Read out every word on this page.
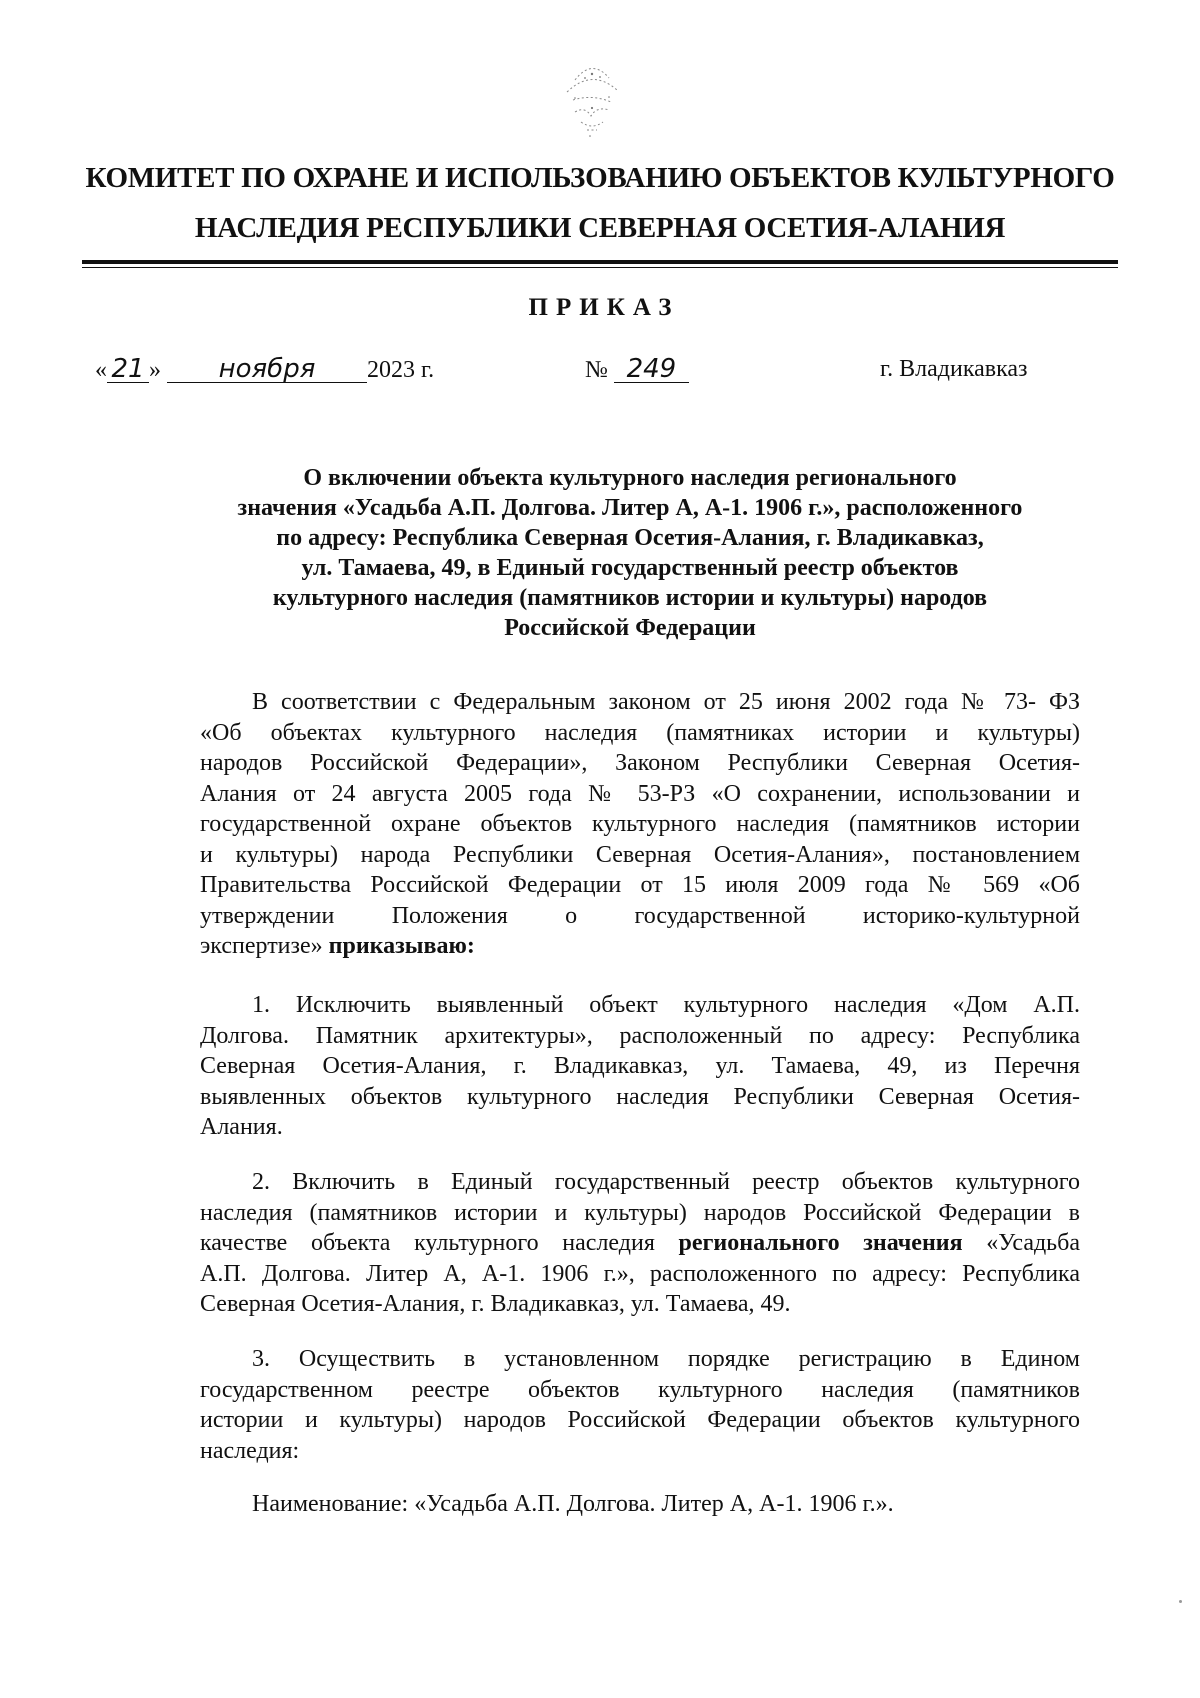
КОМИТЕТ ПО ОХРАНЕ И ИСПОЛЬЗОВАНИЮ ОБЪЕКТОВ КУЛЬТУРНОГО
НАСЛЕДИЯ РЕСПУБЛИКИ СЕВЕРНАЯ ОСЕТИЯ-АЛАНИЯ
ПРИКАЗ
« 21 » ноября 2023 г.	№ 249	г. Владикавказ
О включении объекта культурного наследия регионального
значения «Усадьба А.П. Долгова. Литер А, А-1. 1906 г.», расположенного
по адресу: Республика Северная Осетия-Алания, г. Владикавказ,
ул. Тамаева, 49, в Единый государственный реестр объектов
культурного наследия (памятников истории и культуры) народов
Российской Федерации
В соответствии с Федеральным законом от 25 июня 2002 года № 73- ФЗ
«Об объектах культурного наследия (памятниках истории и культуры)
народов Российской Федерации», Законом Республики Северная Осетия-
Алания от 24 августа 2005 года № 53-РЗ «О сохранении, использовании и
государственной охране объектов культурного наследия (памятников истории
и культуры) народа Республики Северная Осетия-Алания», постановлением
Правительства Российской Федерации от 15 июля 2009 года № 569 «Об
утверждении Положения о государственной историко-культурной
экспертизе» приказываю:
1. Исключить выявленный объект культурного наследия «Дом А.П.
Долгова. Памятник архитектуры», расположенный по адресу: Республика
Северная Осетия-Алания, г. Владикавказ, ул. Тамаева, 49, из Перечня
выявленных объектов культурного наследия Республики Северная Осетия-
Алания.
2. Включить в Единый государственный реестр объектов культурного
наследия (памятников истории и культуры) народов Российской Федерации в
качестве объекта культурного наследия регионального значения «Усадьба
А.П. Долгова. Литер А, А-1. 1906 г.», расположенного по адресу: Республика
Северная Осетия-Алания, г. Владикавказ, ул. Тамаева, 49.
3. Осуществить в установленном порядке регистрацию в Едином
государственном реестре объектов культурного наследия (памятников
истории и культуры) народов Российской Федерации объектов культурного
наследия:
Наименование: «Усадьба А.П. Долгова. Литер А, А-1. 1906 г.».
